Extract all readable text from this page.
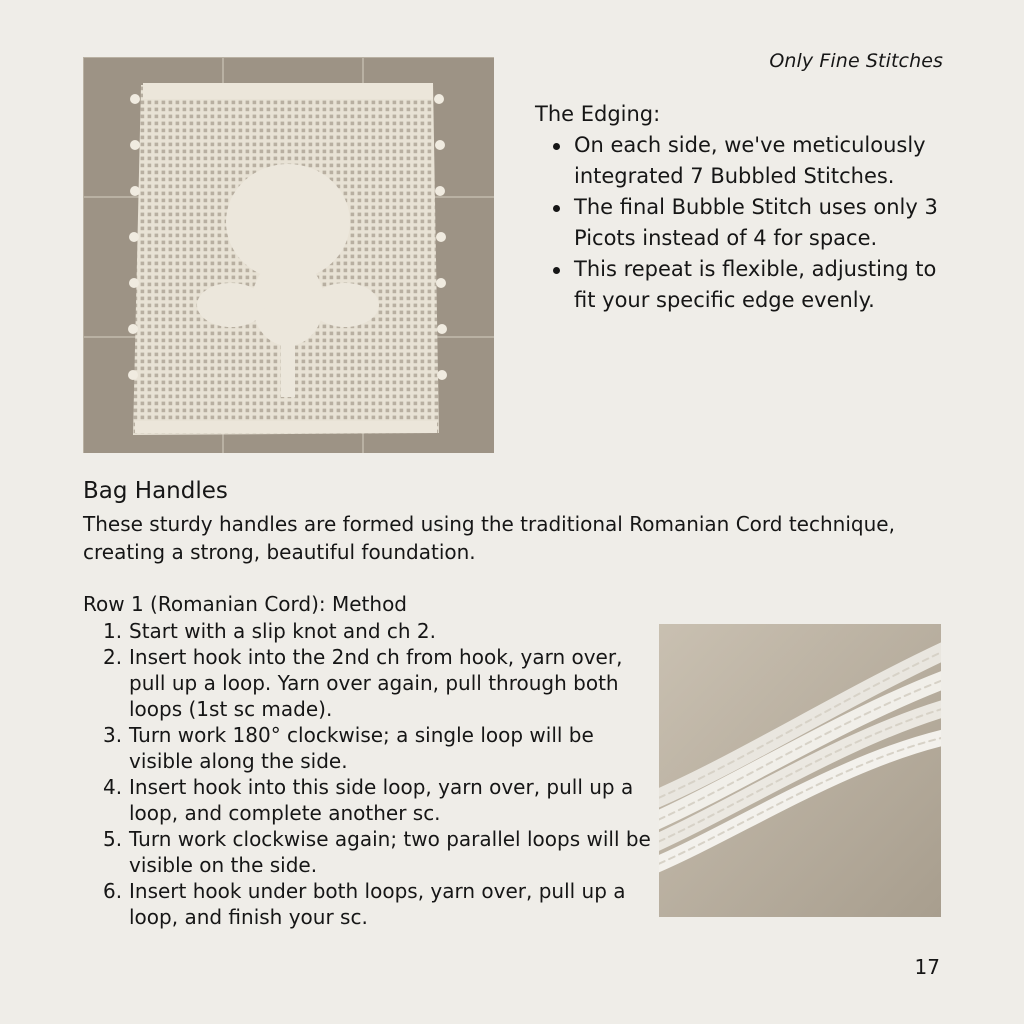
Only Fine Stitches
The Edging:
On each side, we've meticulously integrated 7 Bubbled Stitches.
The final Bubble Stitch uses only 3 Picots instead of 4 for space.
This repeat is flexible, adjusting to fit your specific edge evenly.
Bag Handles

These sturdy handles are formed using the traditional Romanian Cord technique, creating a strong, beautiful foundation.

Row 1 (Romanian Cord): Method

1. Start with a slip knot and ch 2.
2. Insert hook into the 2nd ch from hook, yarn over, pull up a loop. Yarn over again, pull through both loops (1st sc made).
3. Turn work 180° clockwise; a single loop will be visible along the side.
4. Insert hook into this side loop, yarn over, pull up a loop, and complete another sc.
5. Turn work clockwise again; two parallel loops will be visible on the side.
6. Insert hook under both loops, yarn over, pull up a loop, and finish your sc.
17
